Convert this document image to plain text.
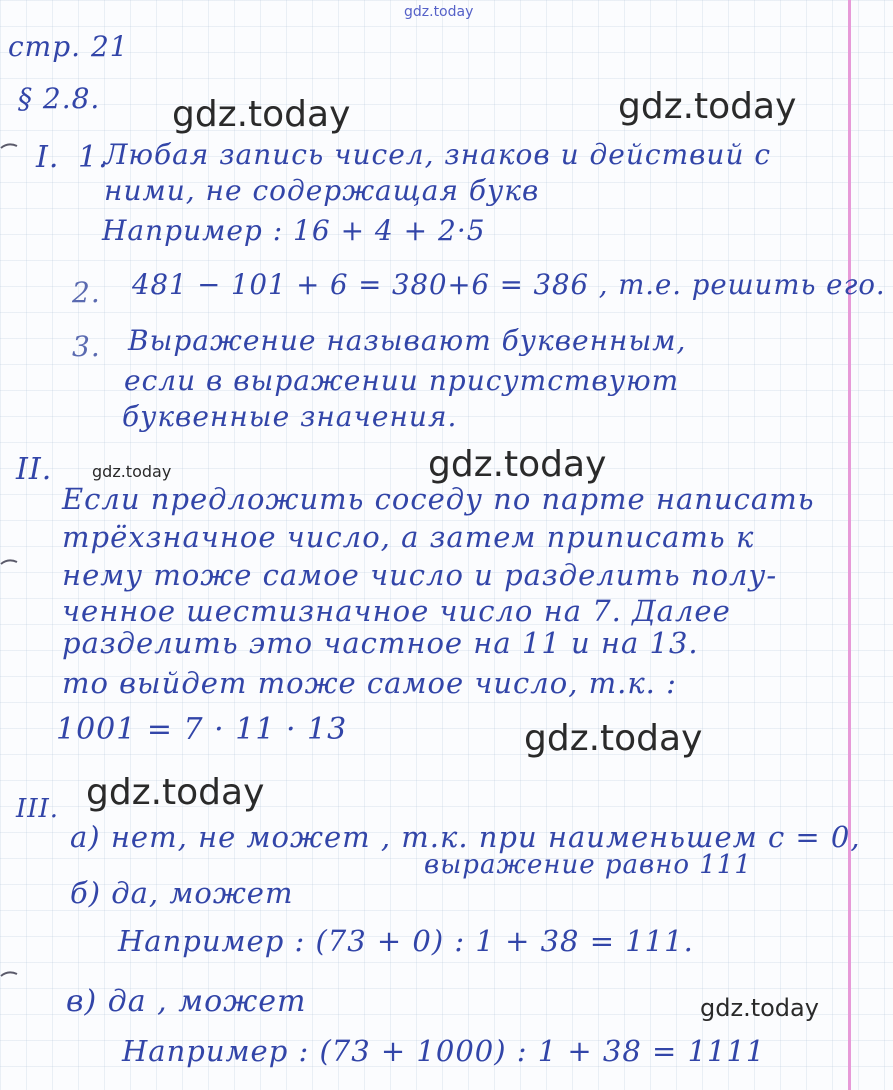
gdz.today
gdz.today	gdz.today
gdz.today	gdz.today
gdz.today
gdz.today
gdz.today
стр. 21
§ 2.8.
I. 1.
Любая запись чисел, знаков и действий с
ними, не содержащая букв
Например : 16 + 4 + 2·5
2. 481 − 101 + 6 = 380+6 = 386 , т.е. решить его.
3. Выражение называют буквенным,
если в выражении присутствуют
буквенные значения.
II.
Если предложить соседу по парте написать
трёхзначное число, а затем приписать к
нему тоже самое число и разделить полу-
ченное шестизначное число на 7. Далее
разделить это частное на 11 и на 13.
то выйдет тоже самое число, т.к. :
1001 = 7 · 11 · 13
III.
а) нет, не может , т.к. при наименьшем с = 0,
выражение равно 111
б) да, может
Например : (73 + 0) : 1 + 38 = 111.
в) да , может
Например : (73 + 1000) : 1 + 38 = 1111
